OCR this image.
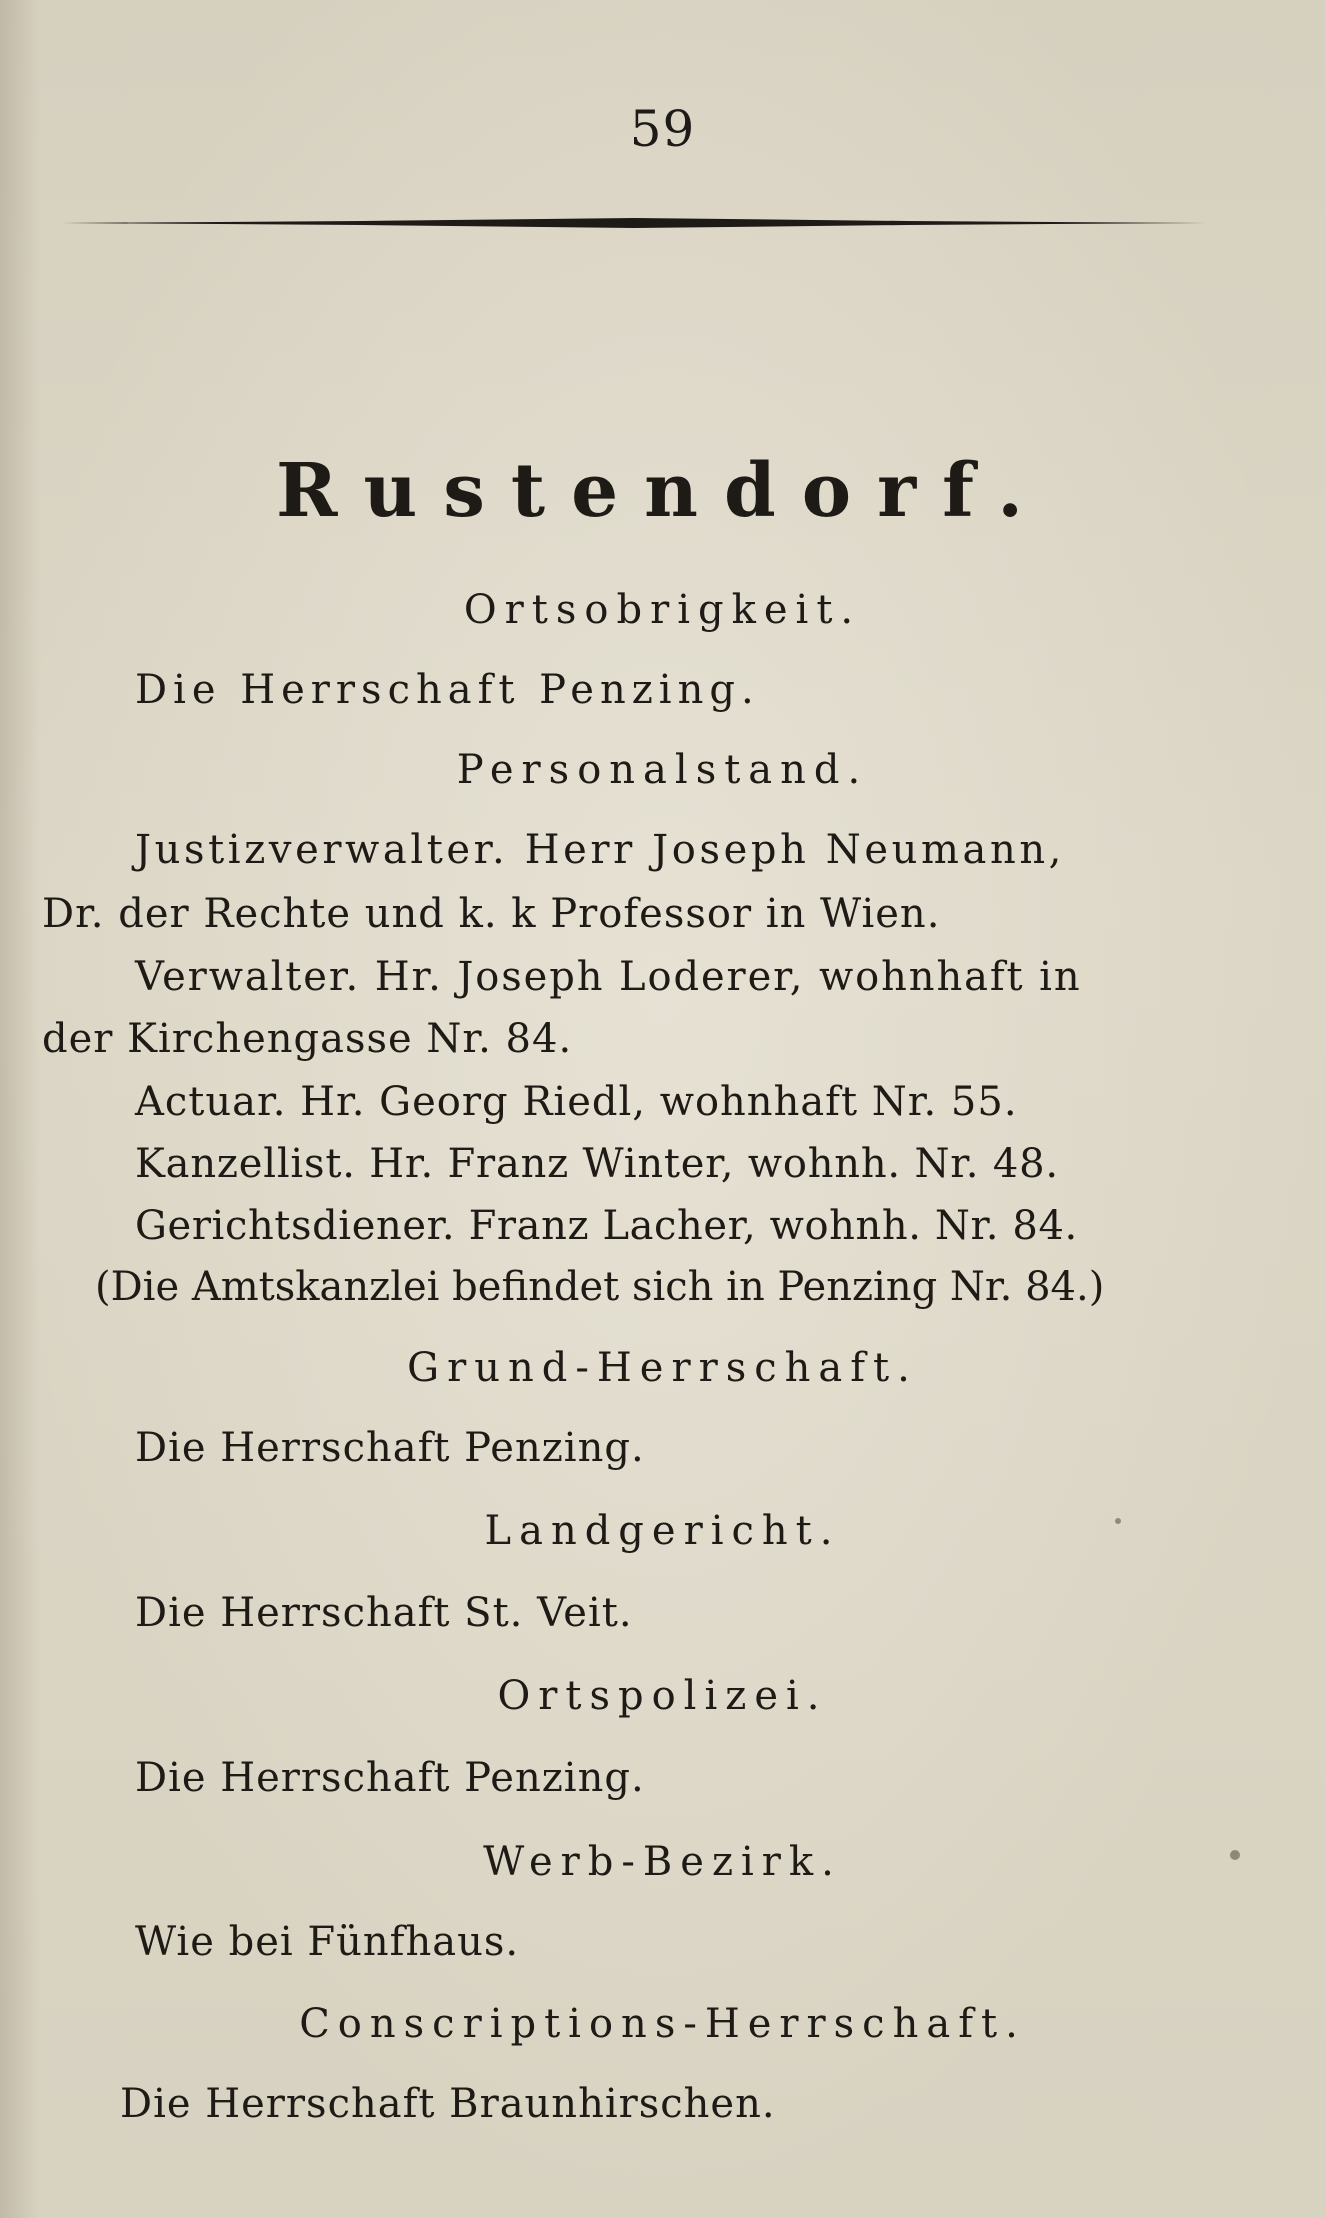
59
Rustendorf.
Ortsobrigkeit.
Die Herrschaft Penzing.
Personalstand.
Justizverwalter. Herr Joseph Neumann,
Dr. der Rechte und k. k Professor in Wien.
Verwalter. Hr. Joseph Loderer, wohnhaft in
der Kirchengasse Nr. 84.
Actuar. Hr. Georg Riedl, wohnhaft Nr. 55.
Kanzellist. Hr. Franz Winter, wohnh. Nr. 48.
Gerichtsdiener. Franz Lacher, wohnh. Nr. 84.
(Die Amtskanzlei befindet sich in Penzing Nr. 84.)
Grund-Herrschaft.
Die Herrschaft Penzing.
Landgericht.
Die Herrschaft St. Veit.
Ortspolizei.
Die Herrschaft Penzing.
Werb-Bezirk.
Wie bei Fünfhaus.
Conscriptions-Herrschaft.
Die Herrschaft Braunhirschen.
